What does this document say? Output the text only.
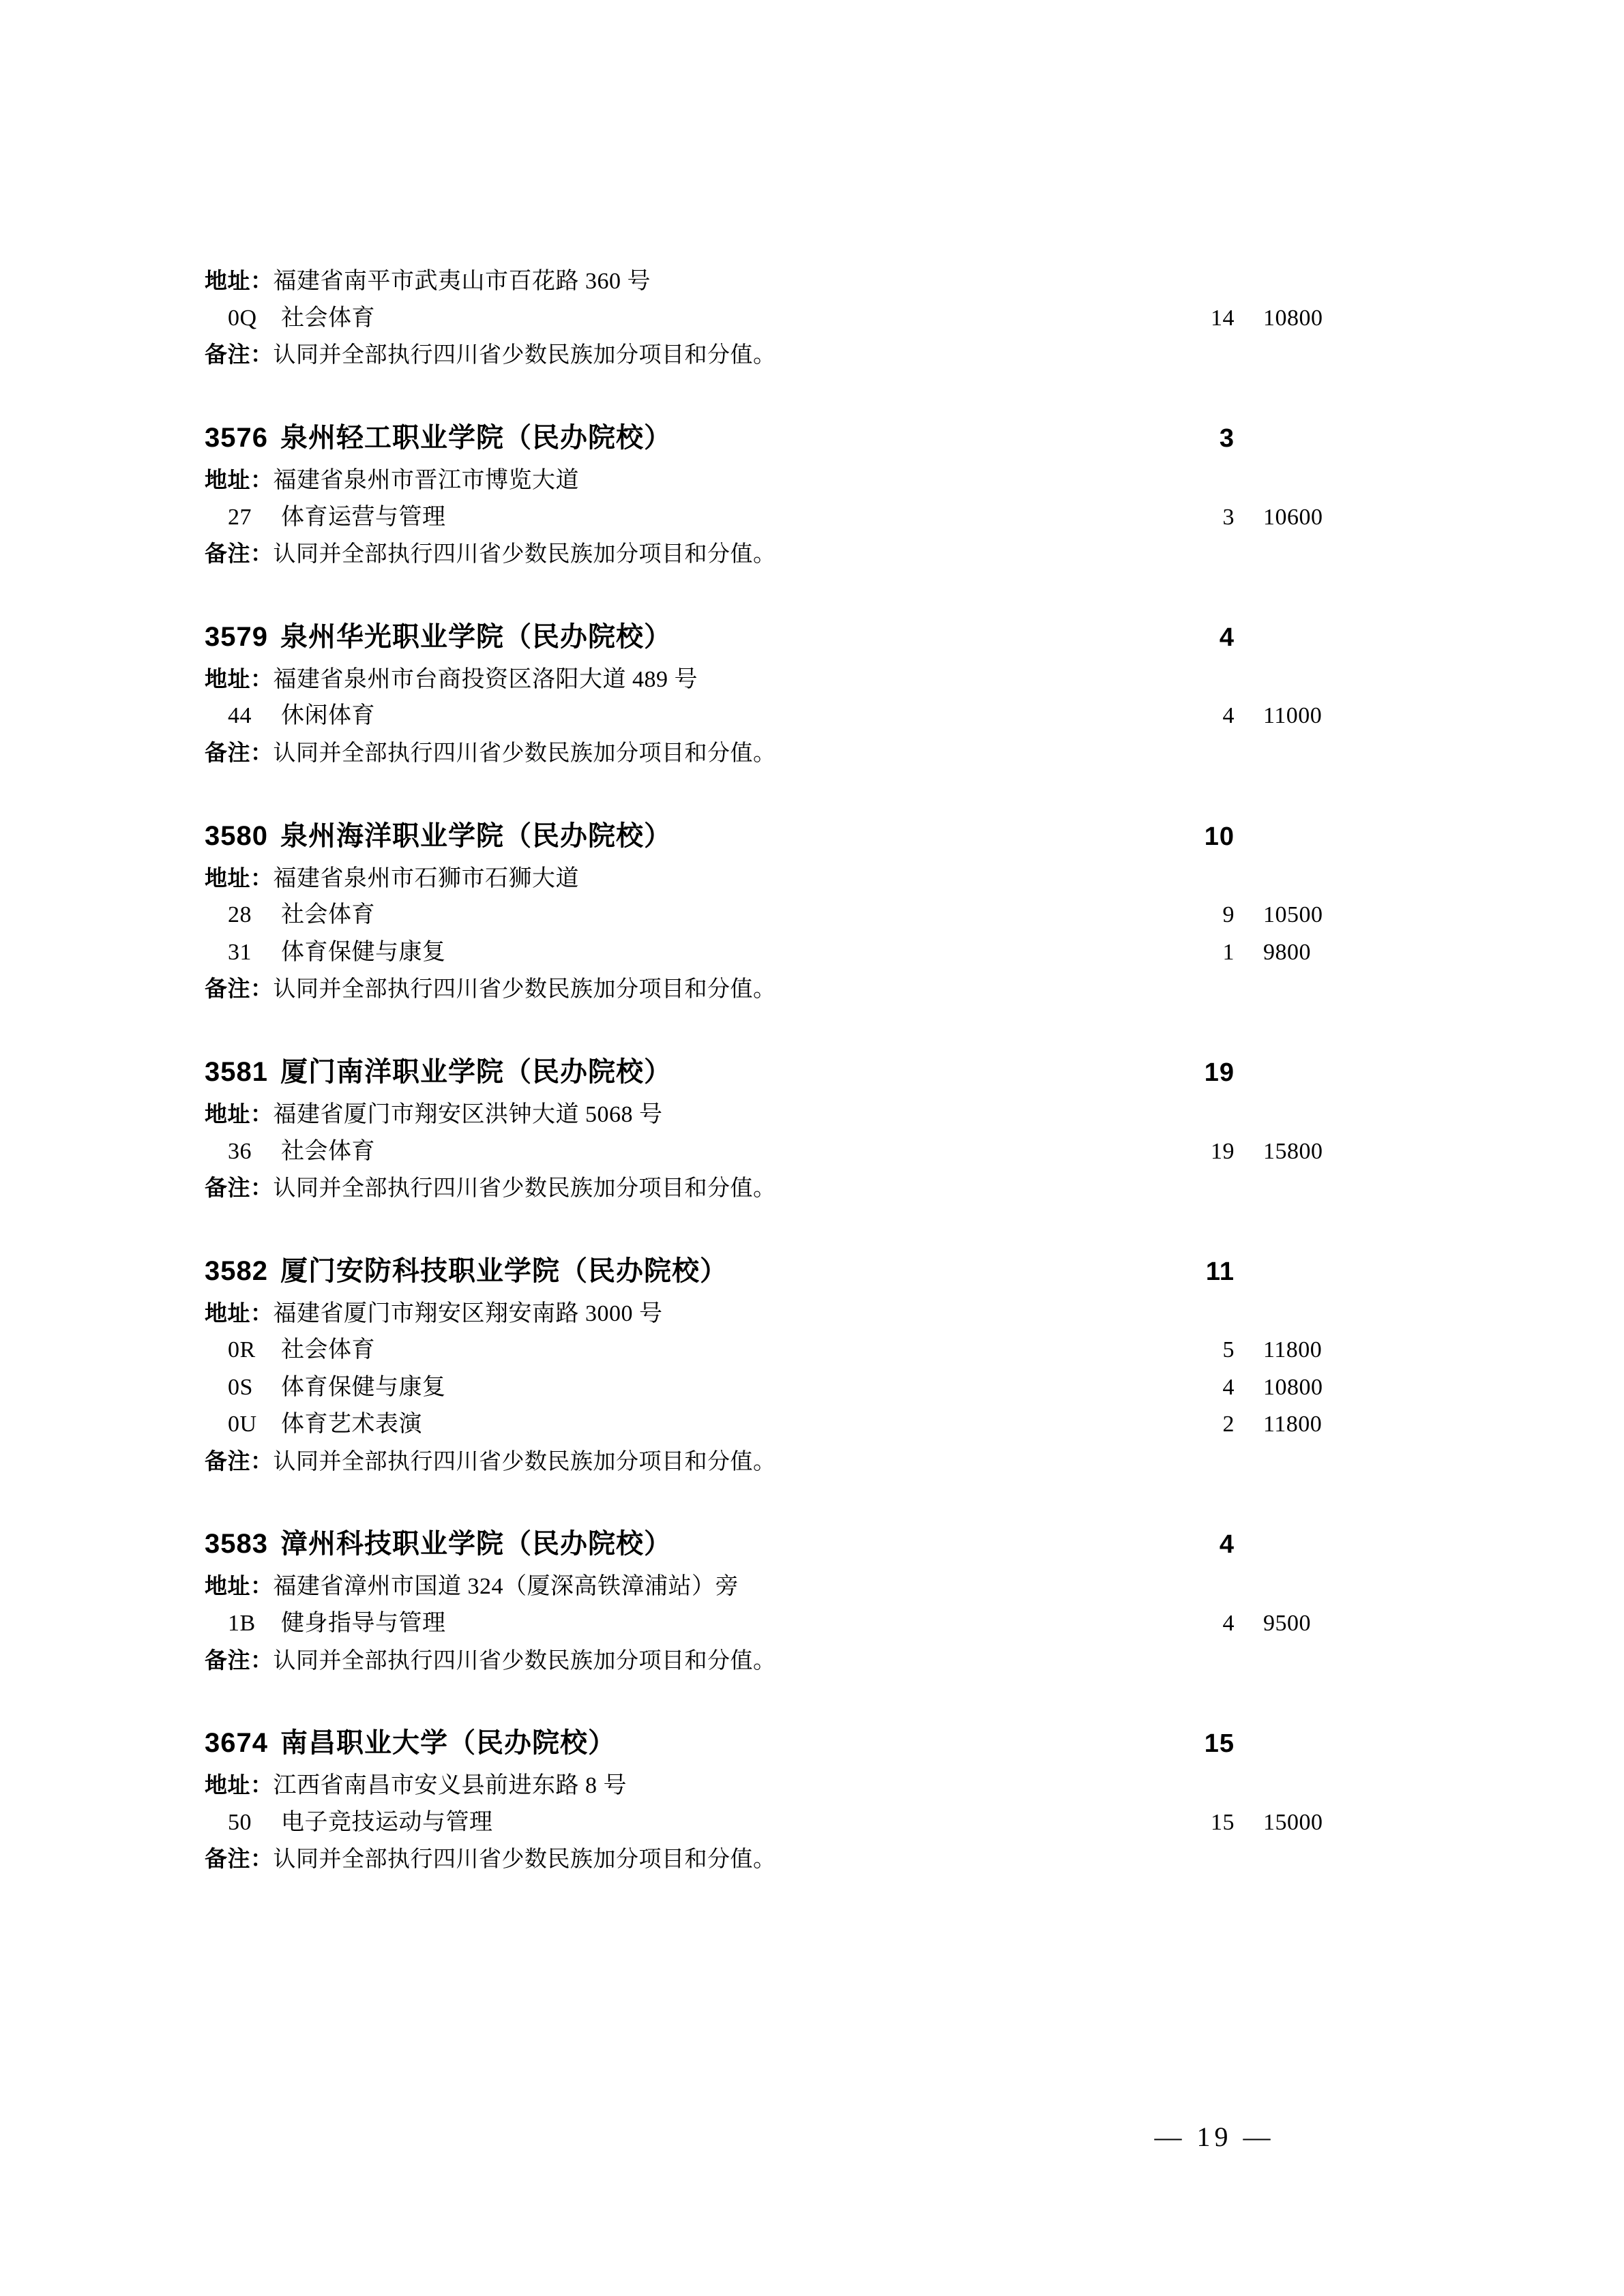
地址：福建省南平市武夷山市百花路 360 号
0Q	社会体育	14	10800
备注：认同并全部执行四川省少数民族加分项目和分值。
3576 泉州轻工职业学院（民办院校）	3
地址：福建省泉州市晋江市博览大道
27	体育运营与管理	3	10600
备注：认同并全部执行四川省少数民族加分项目和分值。
3579 泉州华光职业学院（民办院校）	4
地址：福建省泉州市台商投资区洛阳大道 489 号
44	休闲体育	4	11000
备注：认同并全部执行四川省少数民族加分项目和分值。
3580 泉州海洋职业学院（民办院校）	10
地址：福建省泉州市石狮市石狮大道
28	社会体育	9	10500
31	体育保健与康复	1	9800
备注：认同并全部执行四川省少数民族加分项目和分值。
3581 厦门南洋职业学院（民办院校）	19
地址：福建省厦门市翔安区洪钟大道 5068 号
36	社会体育	19	15800
备注：认同并全部执行四川省少数民族加分项目和分值。
3582 厦门安防科技职业学院（民办院校）	11
地址：福建省厦门市翔安区翔安南路 3000 号
0R	社会体育	5	11800
0S	体育保健与康复	4	10800
0U	体育艺术表演	2	11800
备注：认同并全部执行四川省少数民族加分项目和分值。
3583 漳州科技职业学院（民办院校）	4
地址：福建省漳州市国道 324（厦深高铁漳浦站）旁
1B	健身指导与管理	4	9500
备注：认同并全部执行四川省少数民族加分项目和分值。
3674 南昌职业大学（民办院校）	15
地址：江西省南昌市安义县前进东路 8 号
50	电子竞技运动与管理	15	15000
备注：认同并全部执行四川省少数民族加分项目和分值。
— 19 —
